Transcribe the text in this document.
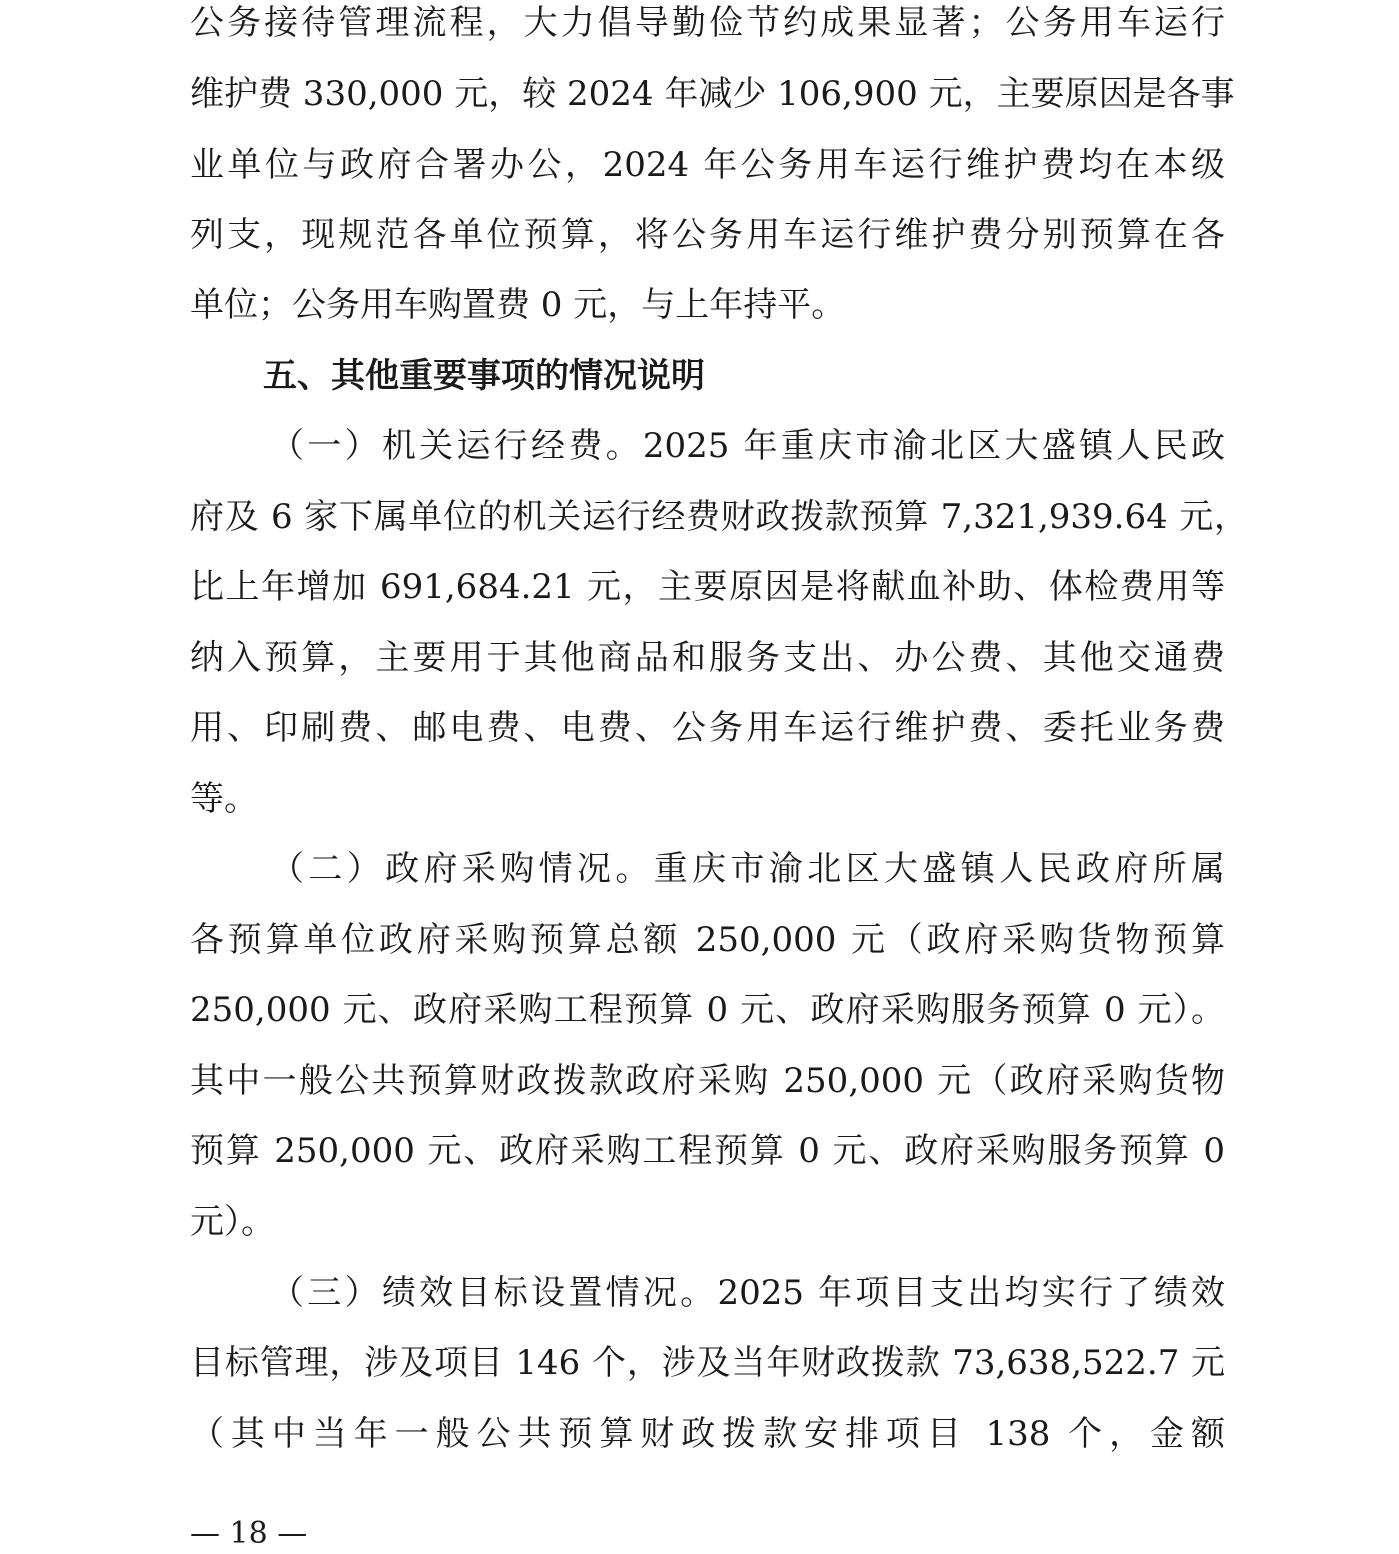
公务接待管理流程，大力倡导勤俭节约成果显著；公务用车运行
维护费 330,000 元，较 2024 年减少 106,900 元，主要原因是各事
业单位与政府合署办公，2024 年公务用车运行维护费均在本级
列支，现规范各单位预算，将公务用车运行维护费分别预算在各
单位；公务用车购置费 0 元，与上年持平。
五、其他重要事项的情况说明
（一）机关运行经费。2025 年重庆市渝北区大盛镇人民政
府及 6 家下属单位的机关运行经费财政拨款预算 7,321,939.64 元，
比上年增加 691,684.21 元，主要原因是将献血补助、体检费用等
纳入预算，主要用于其他商品和服务支出、办公费、其他交通费
用、印刷费、邮电费、电费、公务用车运行维护费、委托业务费
等。
（二）政府采购情况。重庆市渝北区大盛镇人民政府所属
各预算单位政府采购预算总额 250,000 元（政府采购货物预算
250,000 元、政府采购工程预算 0 元、政府采购服务预算 0 元）。
其中一般公共预算财政拨款政府采购 250,000 元（政府采购货物
预算 250,000 元、政府采购工程预算 0 元、政府采购服务预算 0
元）。
（三）绩效目标设置情况。2025 年项目支出均实行了绩效
目标管理，涉及项目 146 个，涉及当年财政拨款 73,638,522.7 元
（其中当年一般公共预算财政拨款安排项目 138 个，金额
— 18 —
